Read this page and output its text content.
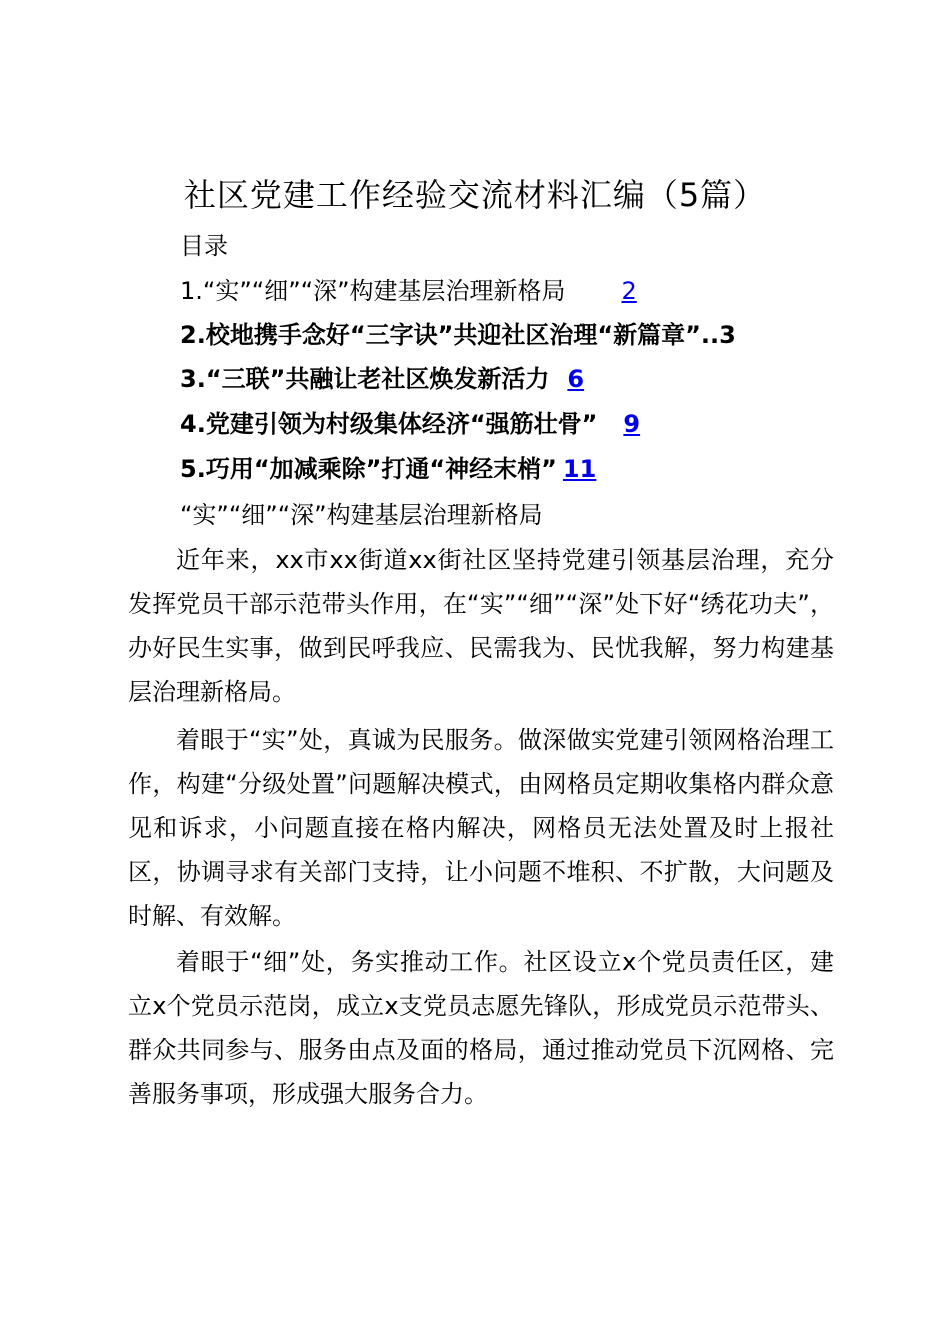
社区党建工作经验交流材料汇编（5篇）
目录
1.“实”“细”“深”构建基层治理新格局 2
2.校地携手念好“三字诀”共迎社区治理“新篇章”..3
3.“三联”共融让老社区焕发新活力 6
4.党建引领为村级集体经济“强筋壮骨” 9
5.巧用“加减乘除”打通“神经末梢” 11
“实”“细”“深”构建基层治理新格局

近年来，xx市xx街道xx街社区坚持党建引领基层治理，充分发挥党员干部示范带头作用，在“实”“细”“深”处下好“绣花功夫”，办好民生实事，做到民呼我应、民需我为、民忧我解，努力构建基层治理新格局。

着眼于“实”处，真诚为民服务。做深做实党建引领网格治理工作，构建“分级处置”问题解决模式，由网格员定期收集格内群众意见和诉求，小问题直接在格内解决，网格员无法处置及时上报社区，协调寻求有关部门支持，让小问题不堆积、不扩散，大问题及时解、有效解。

着眼于“细”处，务实推动工作。社区设立x个党员责任区，建立x个党员示范岗，成立x支党员志愿先锋队，形成党员示范带头、群众共同参与、服务由点及面的格局，通过推动党员下沉网格、完善服务事项，形成强大服务合力。
